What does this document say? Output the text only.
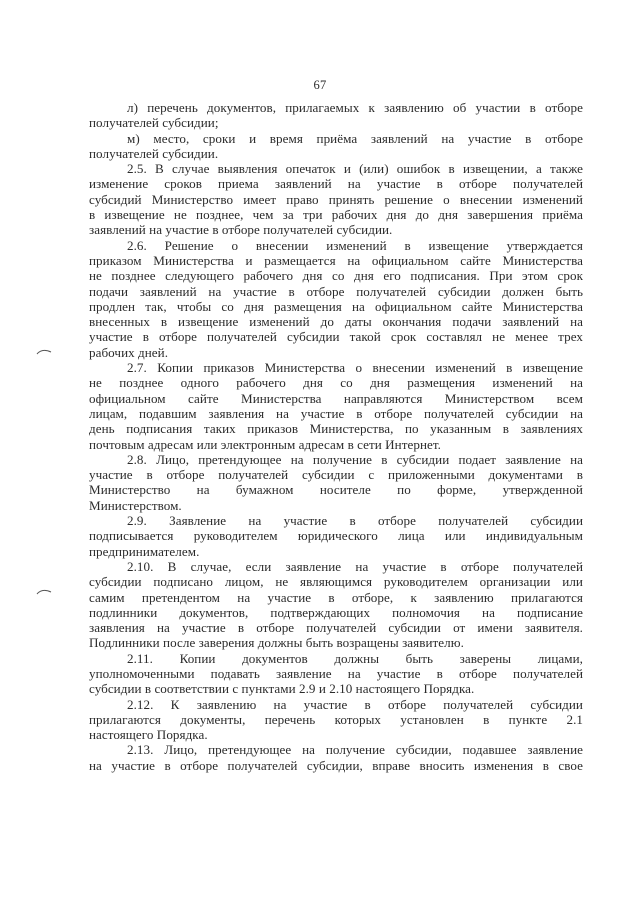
67
л) перечень документов, прилагаемых к заявлению об участии в отборе
получателей субсидии;
м) место, сроки и время приёма заявлений на участие в отборе
получателей субсидии.
2.5. В случае выявления опечаток и (или) ошибок в извещении, а также
изменение сроков приема заявлений на участие в отборе получателей
субсидий Министерство имеет право принять решение о внесении изменений
в извещение не позднее, чем за три рабочих дня до дня завершения приёма
заявлений на участие в отборе получателей субсидии.
2.6. Решение о внесении изменений в извещение утверждается
приказом Министерства и размещается на официальном сайте Министерства
не позднее следующего рабочего дня со дня его подписания. При этом срок
подачи заявлений на участие в отборе получателей субсидии должен быть
продлен так, чтобы со дня размещения на официальном сайте Министерства
внесенных в извещение изменений до даты окончания подачи заявлений на
участие в отборе получателей субсидии такой срок составлял не менее трех
рабочих дней.
2.7. Копии приказов Министерства о внесении изменений в извещение
не позднее одного рабочего дня со дня размещения изменений на
официальном сайте Министерства направляются Министерством всем
лицам, подавшим заявления на участие в отборе получателей субсидии на
день подписания таких приказов Министерства, по указанным в заявлениях
почтовым адресам или электронным адресам в сети Интернет.
2.8. Лицо, претендующее на получение в субсидии подает заявление на
участие в отборе получателей субсидии с приложенными документами в
Министерство на бумажном носителе по форме, утвержденной
Министерством.
2.9. Заявление на участие в отборе получателей субсидии
подписывается руководителем юридического лица или индивидуальным
предпринимателем.
2.10. В случае, если заявление на участие в отборе получателей
субсидии подписано лицом, не являющимся руководителем организации или
самим претендентом на участие в отборе, к заявлению прилагаются
подлинники документов, подтверждающих полномочия на подписание
заявления на участие в отборе получателей субсидии от имени заявителя.
Подлинники после заверения должны быть возращены заявителю.
2.11. Копии документов должны быть заверены лицами,
уполномоченными подавать заявление на участие в отборе получателей
субсидии в соответствии с пунктами 2.9 и 2.10 настоящего Порядка.
2.12. К заявлению на участие в отборе получателей субсидии
прилагаются документы, перечень которых установлен в пункте 2.1
настоящего Порядка.
2.13. Лицо, претендующее на получение субсидии, подавшее заявление
на участие в отборе получателей субсидии, вправе вносить изменения в свое
